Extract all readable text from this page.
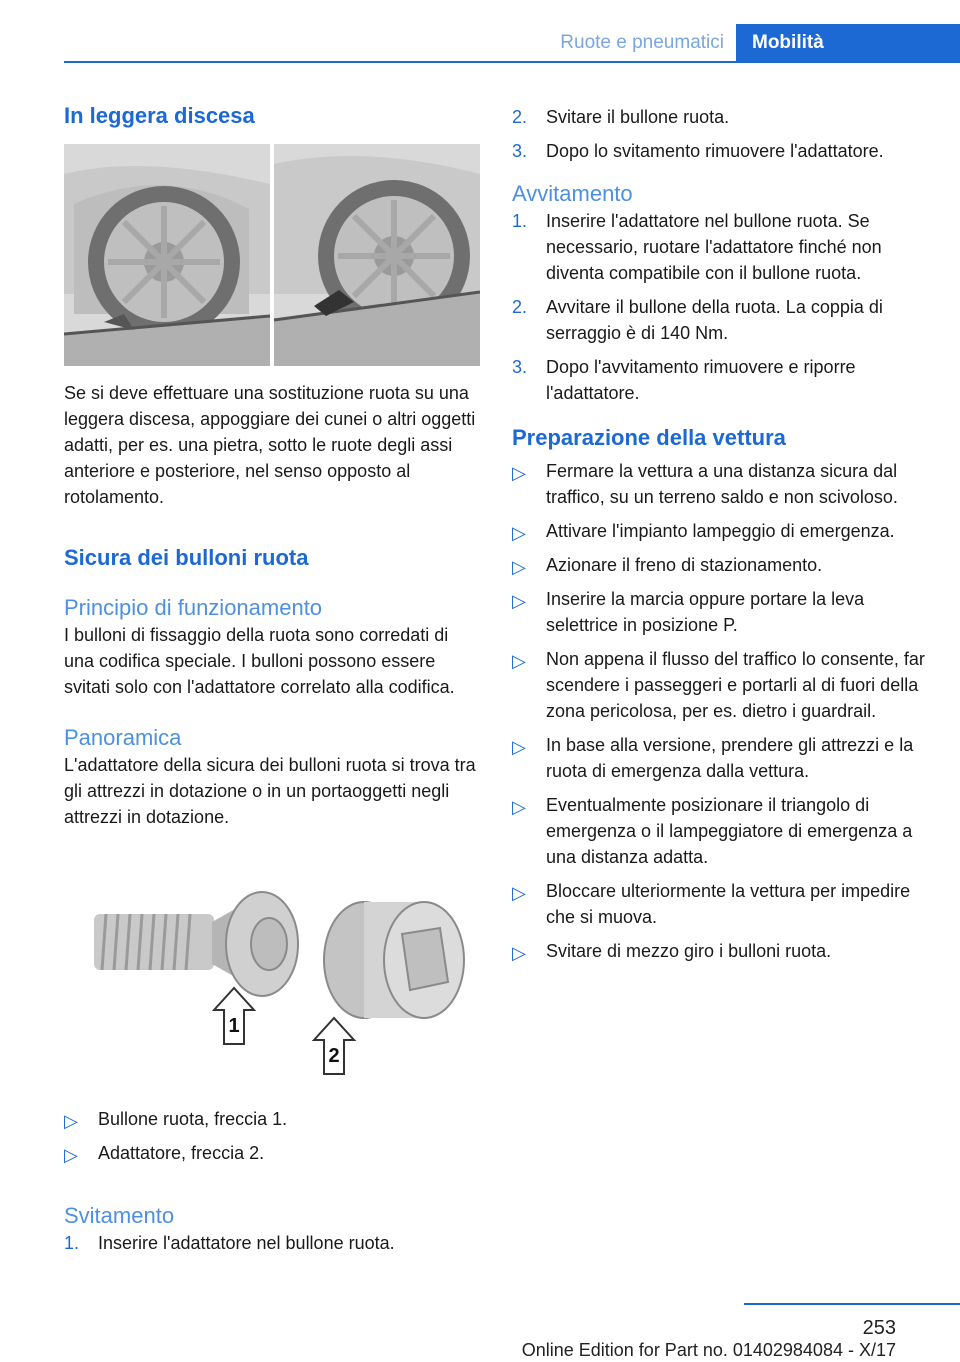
Ruote e pneumatici	Mobilità
In leggera discesa

Se si deve effettuare una sostituzione ruota su una leggera discesa, appoggiare dei cunei o altri oggetti adatti, per es. una pietra, sotto le ruote degli assi anteriore e posteriore, nel senso opposto al rotolamento.

Sicura dei bulloni ruota
Principio di funzionamento

I bulloni di fissaggio della ruota sono corredati di una codifica speciale. I bulloni possono essere svitati solo con l'adattatore correlato alla codifica.

Panoramica

L'adattatore della sicura dei bulloni ruota si trova tra gli attrezzi in dotazione o in un portaoggetti negli attrezzi in dotazione.

1
2
▷ Bullone ruota, freccia 1.
▷ Adattatore, freccia 2.
Svitamento
1. Inserire l'adattatore nel bullone ruota.
2. Svitare il bullone ruota.
3. Dopo lo svitamento rimuovere l'adattatore.
Avvitamento
1. Inserire l'adattatore nel bullone ruota. Se necessario, ruotare l'adattatore finché non diventa compatibile con il bullone ruota.
2. Avvitare il bullone della ruota. La coppia di serraggio è di 140 Nm.
3. Dopo l'avvitamento rimuovere e riporre l'adattatore.
Preparazione della vettura
▷ Fermare la vettura a una distanza sicura dal traffico, su un terreno saldo e non scivoloso.
▷ Attivare l'impianto lampeggio di emergenza.
▷ Azionare il freno di stazionamento.
▷ Inserire la marcia oppure portare la leva selettrice in posizione P.
▷ Non appena il flusso del traffico lo consente, far scendere i passeggeri e portarli al di fuori della zona pericolosa, per es. dietro i guardrail.
▷ In base alla versione, prendere gli attrezzi e la ruota di emergenza dalla vettura.
▷ Eventualmente posizionare il triangolo di emergenza o il lampeggiatore di emergenza a una distanza adatta.
▷ Bloccare ulteriormente la vettura per impedire che si muova.
▷ Svitare di mezzo giro i bulloni ruota.
253
Online Edition for Part no. 01402984084 - X/17
